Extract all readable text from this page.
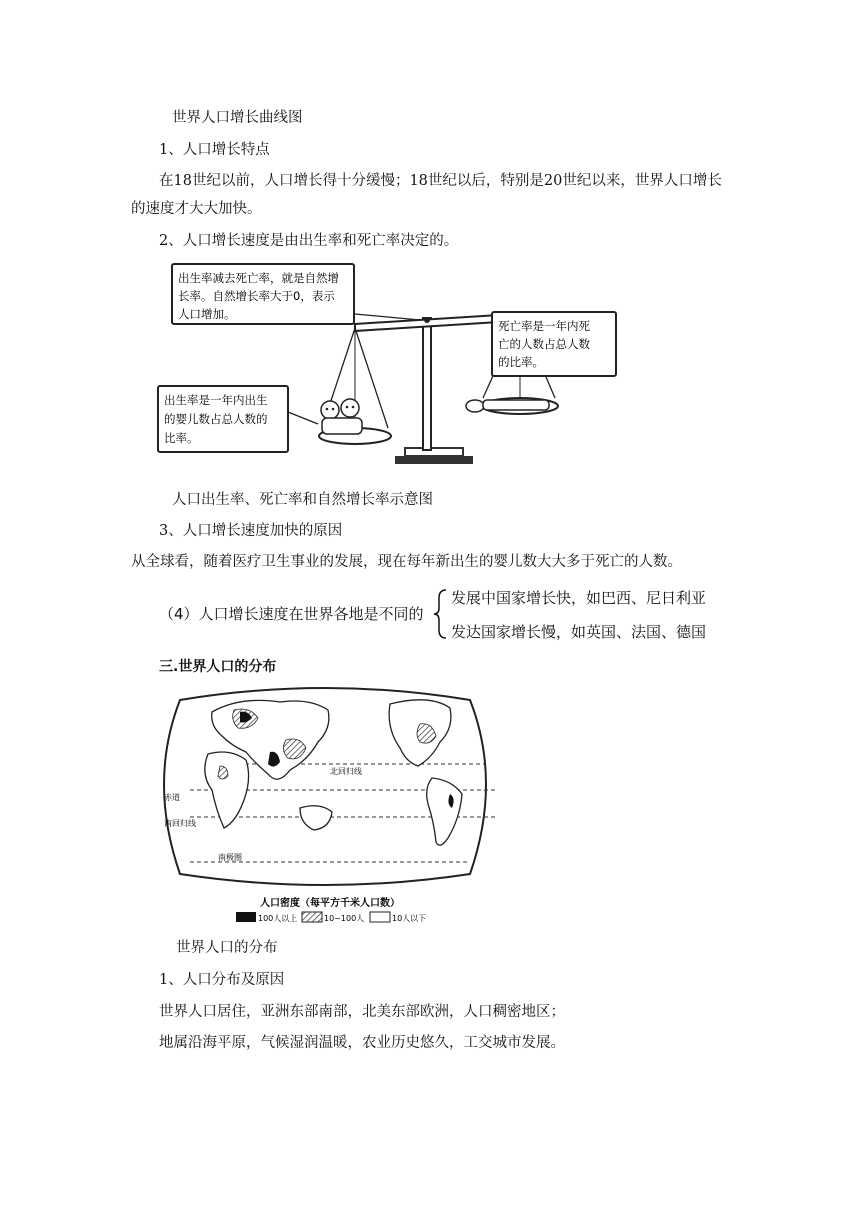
世界人口增长曲线图
1、人口增长特点
在18世纪以前，人口增长得十分缓慢；18世纪以后，特别是20世纪以来，世界人口增长
的速度才大大加快。
2、人口增长速度是由出生率和死亡率决定的。
出生率减去死亡率，就是自然增
长率。自然增长率大于0，表示
人口增加。
死亡率是一年内死
亡的人数占总人数
的比率。
出生率是一年内出生
的婴儿数占总人数的
比率。
人口出生率、死亡率和自然增长率示意图
3、人口增长速度加快的原因
从全球看，随着医疗卫生事业的发展，现在每年新出生的婴儿数大大多于死亡的人数。
（4）人口增长速度在世界各地是不同的
发展中国家增长快，如巴西、尼日利亚
发达国家增长慢，如英国、法国、德国
三.世界人口的分布
北回归线
赤道
南回归线
南极圈
人口密度（每平方千米人口数）
100人以上	10~100人	10人以下
世界人口的分布
1、人口分布及原因
世界人口居住，亚洲东部南部，北美东部欧洲，人口稠密地区；
地属沿海平原，气候湿润温暖，农业历史悠久，工交城市发展。
